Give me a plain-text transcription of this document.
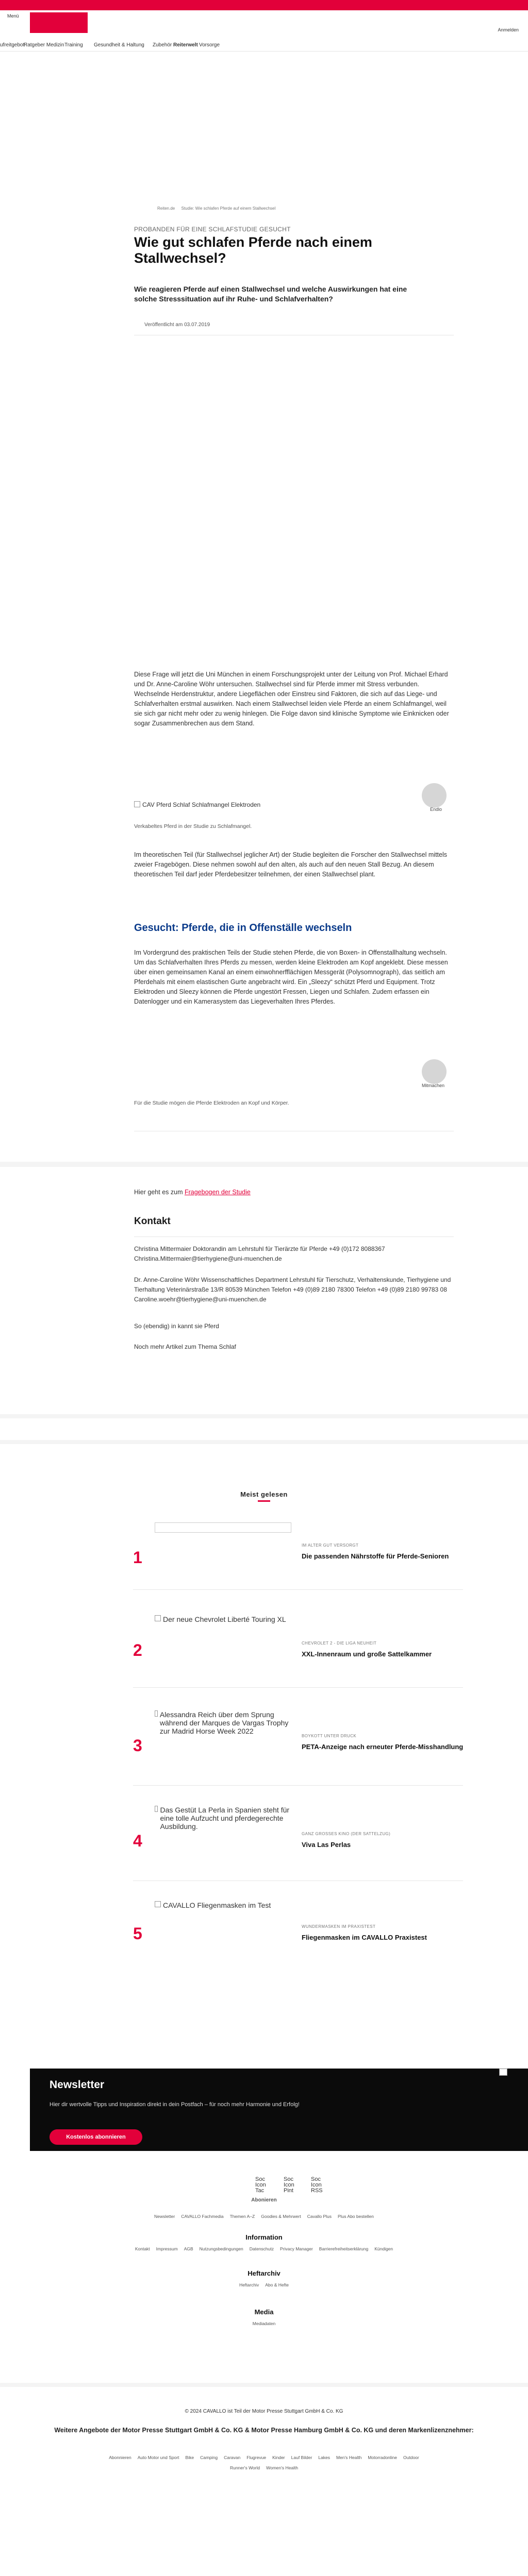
Menü
Anmelden
ufreitgebot
Ratgeber Medizin Training Gesundheit & Haltung Zubehör Reiterwelt Vorsorge
Reiten.de Studie: Wie schlafen Pferde auf einem Stallwechsel
PROBANDEN FÜR EINE SCHLAFSTUDIE GESUCHT
Wie gut schlafen Pferde nach einem Stallwechsel?
Wie reagieren Pferde auf einen Stallwechsel und welche Auswirkungen hat eine solche Stresssituation auf ihr Ruhe- und Schlafverhalten?
Veröffentlicht am 03.07.2019
Diese Frage will jetzt die Uni München in einem Forschungsprojekt unter der Leitung von Prof. Michael Erhard und Dr. Anne-Caroline Wöhr untersuchen. Stallwechsel sind für Pferde immer mit Stress verbunden. Wechselnde Herdenstruktur, andere Liegeflächen oder Einstreu sind Faktoren, die sich auf das Liege- und Schlafverhalten erstmal auswirken. Nach einem Stallwechsel leiden viele Pferde an einem Schlafmangel, weil sie sich gar nicht mehr oder zu wenig hinlegen. Die Folge davon sind klinische Symptome wie Einknicken oder sogar Zusammenbrechen aus dem Stand.
CAV Pferd Schlaf Schlafmangel Elektroden
Endlo
Verkabeltes Pferd in der Studie zu Schlafmangel.
Im theoretischen Teil (für Stallwechsel jeglicher Art) der Studie begleiten die Forscher den Stallwechsel mittels zweier Fragebögen. Diese nehmen sowohl auf den alten, als auch auf den neuen Stall Bezug. An diesem theoretischen Teil darf jeder Pferdebesitzer teilnehmen, der einen Stallwechsel plant.
Gesucht: Pferde, die in Offenställe wechseln
Im Vordergrund des praktischen Teils der Studie stehen Pferde, die von Boxen- in Offenstallhaltung wechseln. Um das Schlafverhalten Ihres Pferds zu messen, werden kleine Elektroden am Kopf angeklebt. Diese messen über einen gemeinsamen Kanal an einem einwohnerfflächigen Messgerät (Polysomnograph), das seitlich am Pferdehals mit einem elastischen Gurte angebracht wird. Ein „Sleezy“ schützt Pferd und Equipment. Trotz Elektroden und Sleezy können die Pferde ungestört Fressen, Liegen und Schlafen. Zudem erfassen ein Datenlogger und ein Kamerasystem das Liegeverhalten Ihres Pferdes.
Mitmachen
Für die Studie mögen die Pferde Elektroden an Kopf und Körper.
Hier geht es zum Fragebogen der Studie
Kontakt
Christina Mittermaier Doktorandin am Lehrstuhl für Tierärzte für Pferde +49 (0)172 8088367 Christina.Mittermaier@tierhygiene@uni-muenchen.de
Dr. Anne-Caroline Wöhr Wissenschaftliches Department Lehrstuhl für Tierschutz, Verhaltenskunde, Tierhygiene und Tierhaltung Veterinärstraße 13/R 80539 München Telefon +49 (0)89 2180 78300 Telefon +49 (0)89 2180 99783 08 Caroline.woehr@tierhygiene@uni-muenchen.de
So (ebendig) in kannt sie Pferd
Noch mehr Artikel zum Thema Schlaf
Meist gelesen
1
IM ALTER GUT VERSORGT
Die passenden Nährstoffe für Pferde-Senioren
2
Der neue Chevrolet Liberté Touring XL
CHEVROLET 2 - DIE LIGA NEUHEIT
XXL-Innenraum und große Sattelkammer
3
Alessandra Reich über dem Sprung während der Marques de Vargas Trophy zur Madrid Horse Week 2022
BOYKOTT UNTER DRUCK
PETA-Anzeige nach erneuter Pferde-Misshandlung
4
Das Gestüt La Perla in Spanien steht für eine tolle Aufzucht und pferdegerechte Ausbildung.
GANZ GROSSES KINO (DER SATTELZUG)
Viva Las Perlas
5
CAVALLO Fliegenmasken im Test
WUNDERMASKEN IM PRAXISTEST
Fliegenmasken im CAVALLO Praxistest
Newsletter
Hier dir wertvolle Tipps und Inspiration direkt in dein Postfach – für noch mehr Harmonie und Erfolg!
Kostenlos abonnieren
Soc Icon Tac
Soc Icon Pint
Soc Icon RSS
Abonieren
Newsletter CAVALLO Fachmedia Themen A–Z Goodies & Mehrwert Cavallo Plus Plus Abo bestellen
Information
Kontakt Impressum AGB Nutzungsbedingungen Datenschutz Privacy Manager Barrierefreiheitserklärung Kündigen
Heftarchiv
Heftarchiv Abo & Hefte
Media
Mediadaten
© 2024 CAVALLO ist Teil der Motor Presse Stuttgart GmbH & Co. KG
Weitere Angebote der Motor Presse Stuttgart GmbH & Co. KG & Motor Presse Hamburg GmbH & Co. KG und deren Markenlizenznehmer:
Abonnieren Auto Motor und Sport Bike Camping Caravan Flugrevue Kinder Lauf Bilder Lakes Men's Health Motorradonline Outdoor
Runner's World Women's Health
